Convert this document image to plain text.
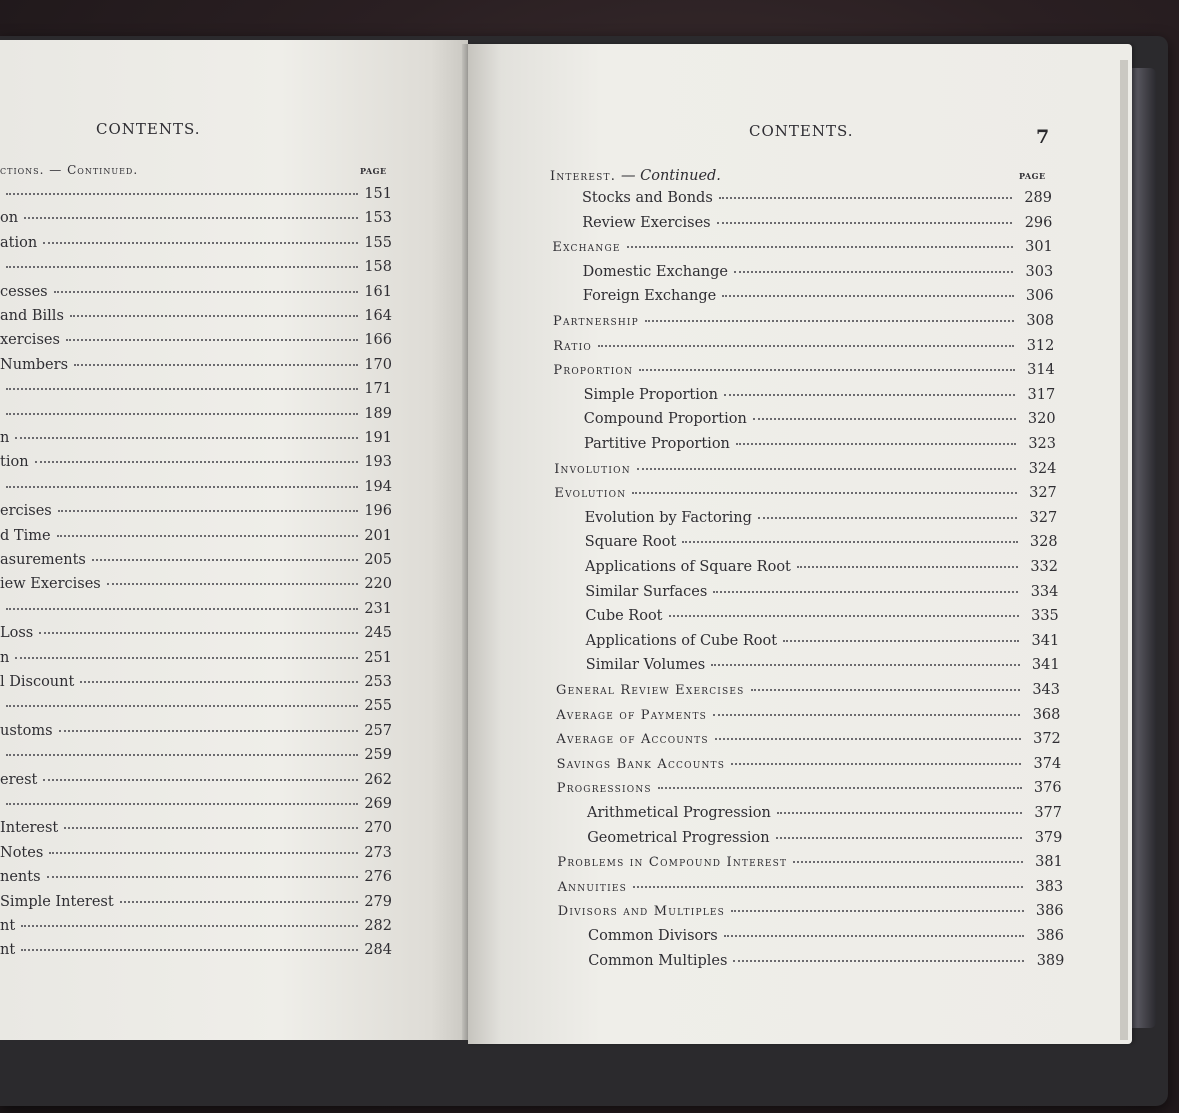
CONTENTS.
PAGE
ctions. — Continued.
151
on	153
ation	155
158
cesses	161
and Bills	164
xercises	166
Numbers	170
171
189
n	191
tion	193
194
ercises	196
d Time	201
asurements	205
iew Exercises	220
231
Loss	245
n	251
l Discount	253
255
ustoms	257
259
erest	262
269
Interest	270
Notes	273
nents	276
Simple Interest	279
nt	282
nt	284
CONTENTS.	7
PAGE
Interest. — Continued.
Stocks and Bonds	289
Review Exercises	296
Exchange	301
Domestic Exchange	303
Foreign Exchange	306
Partnership	308
Ratio	312
Proportion	314
Simple Proportion	317
Compound Proportion	320
Partitive Proportion	323
Involution	324
Evolution	327
Evolution by Factoring	327
Square Root	328
Applications of Square Root	332
Similar Surfaces	334
Cube Root	335
Applications of Cube Root	341
Similar Volumes	341
General Review Exercises	343
Average of Payments	368
Average of Accounts	372
Savings Bank Accounts	374
Progressions	376
Arithmetical Progression	377
Geometrical Progression	379
Problems in Compound Interest	381
Annuities	383
Divisors and Multiples	386
Common Divisors	386
Common Multiples	389
